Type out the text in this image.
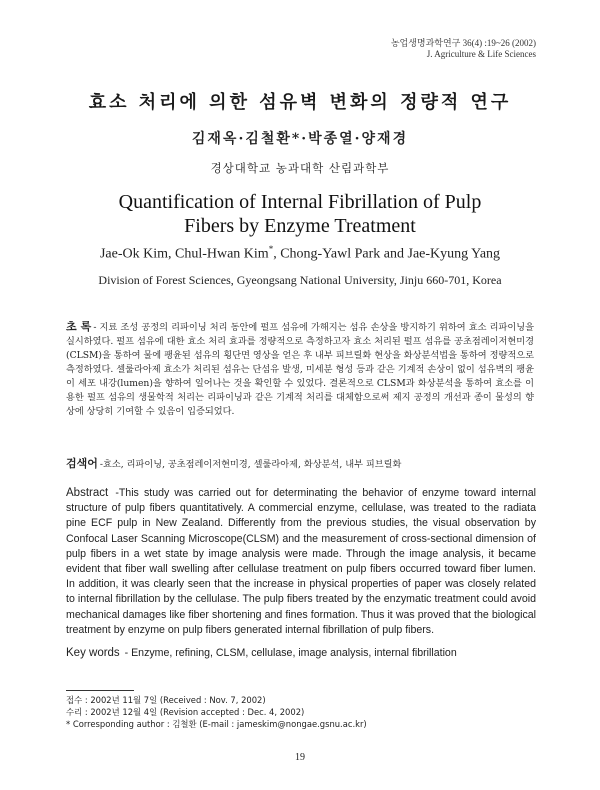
농업생명과학연구 36(4) :19~26 (2002)
J. Agriculture & Life Sciences
효소 처리에 의한 섬유벽 변화의 정량적 연구
김재옥·김철환*·박종열·양재경
경상대학교 농과대학 산림과학부
Quantification of Internal Fibrillation of Pulp
Fibers by Enzyme Treatment
Jae-Ok Kim, Chul-Hwan Kim*, Chong-Yawl Park and Jae-Kyung Yang
Division of Forest Sciences, Gyeongsang National University, Jinju 660-701, Korea
초 록 - 지료 조성 공정의 리파이닝 처리 동안에 펄프 섬유에 가해지는 섬유 손상을 방지하기 위하여 효소 리파이닝을 실시하였다. 펄프 섬유에 대한 효소 처리 효과를 정량적으로 측정하고자 효소 처리된 펄프 섬유를 공초점레이저현미경(CLSM)을 통하여 물에 팽윤된 섬유의 횡단면 영상을 얻은 후 내부 피브릴화 현상을 화상분석법을 통하여 정량적으로 측정하였다. 셀룰라아제 효소가 처리된 섬유는 단섬유 발생, 미세분 형성 등과 같은 기계적 손상이 없이 섬유벽의 팽윤이 세포 내강(lumen)을 향하여 일어나는 것을 확인할 수 있었다. 결론적으로 CLSM과 화상분석을 통하여 효소를 이용한 펄프 섬유의 생물학적 처리는 리파이닝과 같은 기계적 처리를 대체함으로써 제지 공정의 개선과 종이 물성의 향상에 상당히 기여할 수 있음이 입증되었다.
검색어 -효소, 리파이닝, 공초점레이저현미경, 셀룰라아제, 화상분석, 내부 피브릴화
Abstract -This study was carried out for determinating the behavior of enzyme toward internal structure of pulp fibers quantitatively. A commercial enzyme, cellulase, was treated to the radiata pine ECF pulp in New Zealand. Differently from the previous studies, the visual observation by Confocal Laser Scanning Microscope(CLSM) and the measurement of cross-sectional dimension of pulp fibers in a wet state by image analysis were made. Through the image analysis, it became evident that fiber wall swelling after cellulase treatment on pulp fibers occurred toward fiber lumen. In addition, it was clearly seen that the increase in physical properties of paper was closely related to internal fibrillation by the cellulase. The pulp fibers treated by the enzymatic treatment could avoid mechanical damages like fiber shortening and fines formation. Thus it was proved that the biological treatment by enzyme on pulp fibers generated internal fibrillation of pulp fibers.
Key words - Enzyme, refining, CLSM, cellulase, image analysis, internal fibrillation
접수 : 2002년 11월 7일 (Received : Nov. 7, 2002)
수리 : 2002년 12월 4일 (Revision accepted : Dec. 4, 2002)
* Corresponding author : 김철환 (E-mail : jameskim@nongae.gsnu.ac.kr)
19
